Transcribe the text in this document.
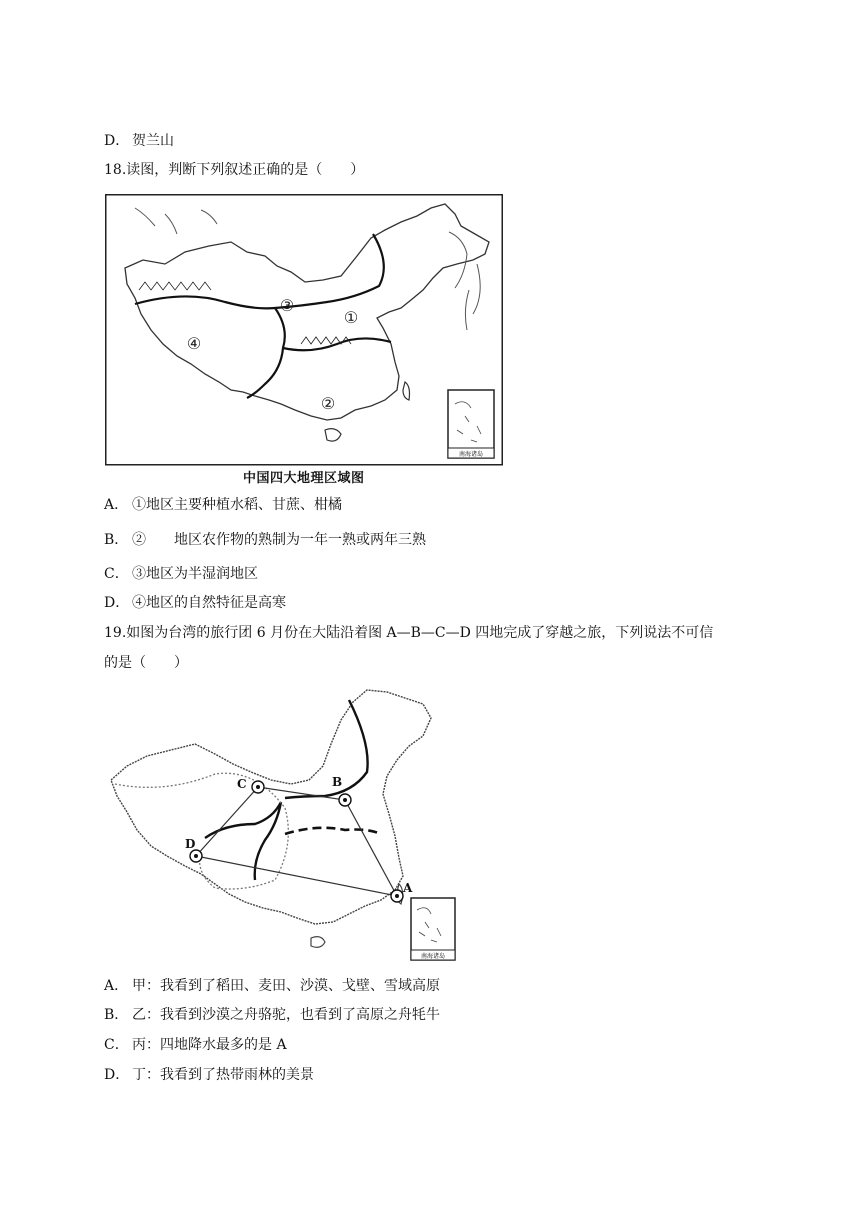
D． 贺兰山
18.读图，判断下列叙述正确的是（　　）
①
②
③
④
南海诸岛
中国四大地理区域图
A． ①地区主要种植水稻、甘蔗、柑橘
B． ②　　地区农作物的熟制为一年一熟或两年三熟
C． ③地区为半湿润地区
D． ④地区的自然特征是高寒
19.如图为台湾的旅行团 6 月份在大陆沿着图 A—B—C—D 四地完成了穿越之旅，下列说法不可信
的是（　　）
A
B
C
D
南海诸岛
A． 甲：我看到了稻田、麦田、沙漠、戈壁、雪域高原
B． 乙：我看到沙漠之舟骆驼，也看到了高原之舟牦牛
C． 丙：四地降水最多的是 A
D． 丁：我看到了热带雨林的美景
